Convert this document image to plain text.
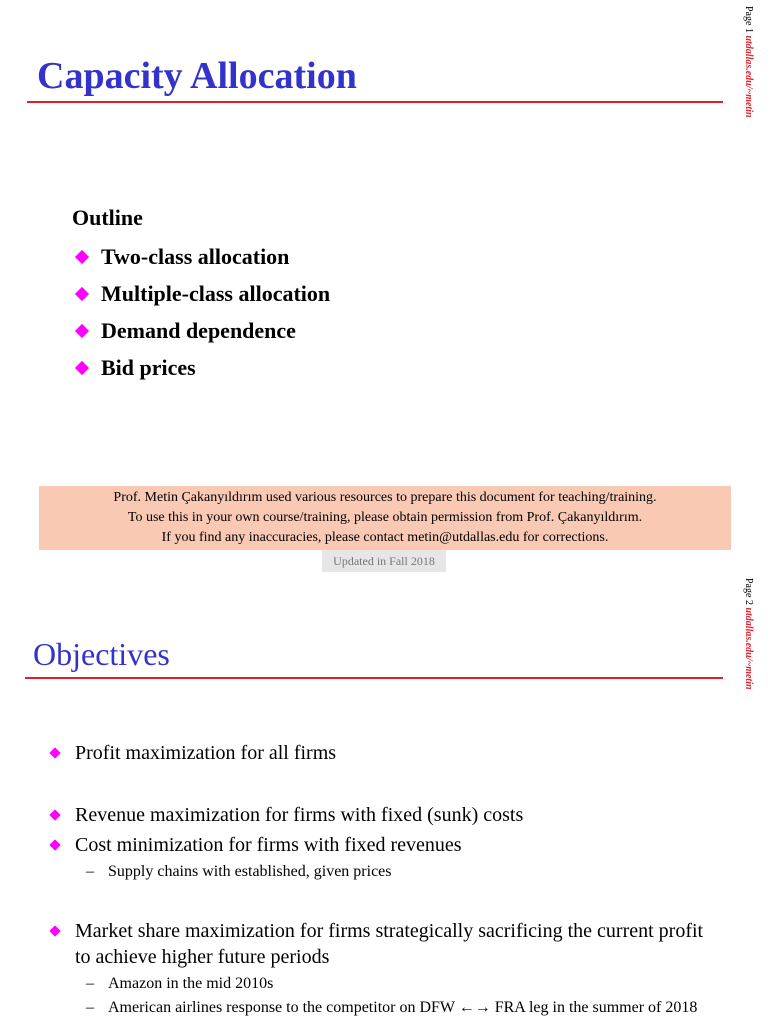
Capacity Allocation
Page 1 utdallas.edu/~metin

Outline

Two-class allocation
Multiple-class allocation
Demand dependence
Bid prices
Prof. Metin Çakanyıldırım used various resources to prepare this document for teaching/training.
To use this in your own course/training, please obtain permission from Prof. Çakanyıldırım.
If you find any inaccuracies, please contact metin@utdallas.edu for corrections.
Updated in Fall 2018
Page 2 utdallas.edu/~metin
Objectives
Profit maximization for all firms
Revenue maximization for firms with fixed (sunk) costs
Cost minimization for firms with fixed revenues
– Supply chains with established, given prices
Market share maximization for firms strategically sacrificing the current profit to achieve higher future periods
– Amazon in the mid 2010s
– American airlines response to the competitor on DFW ←→ FRA leg in the summer of 2018
